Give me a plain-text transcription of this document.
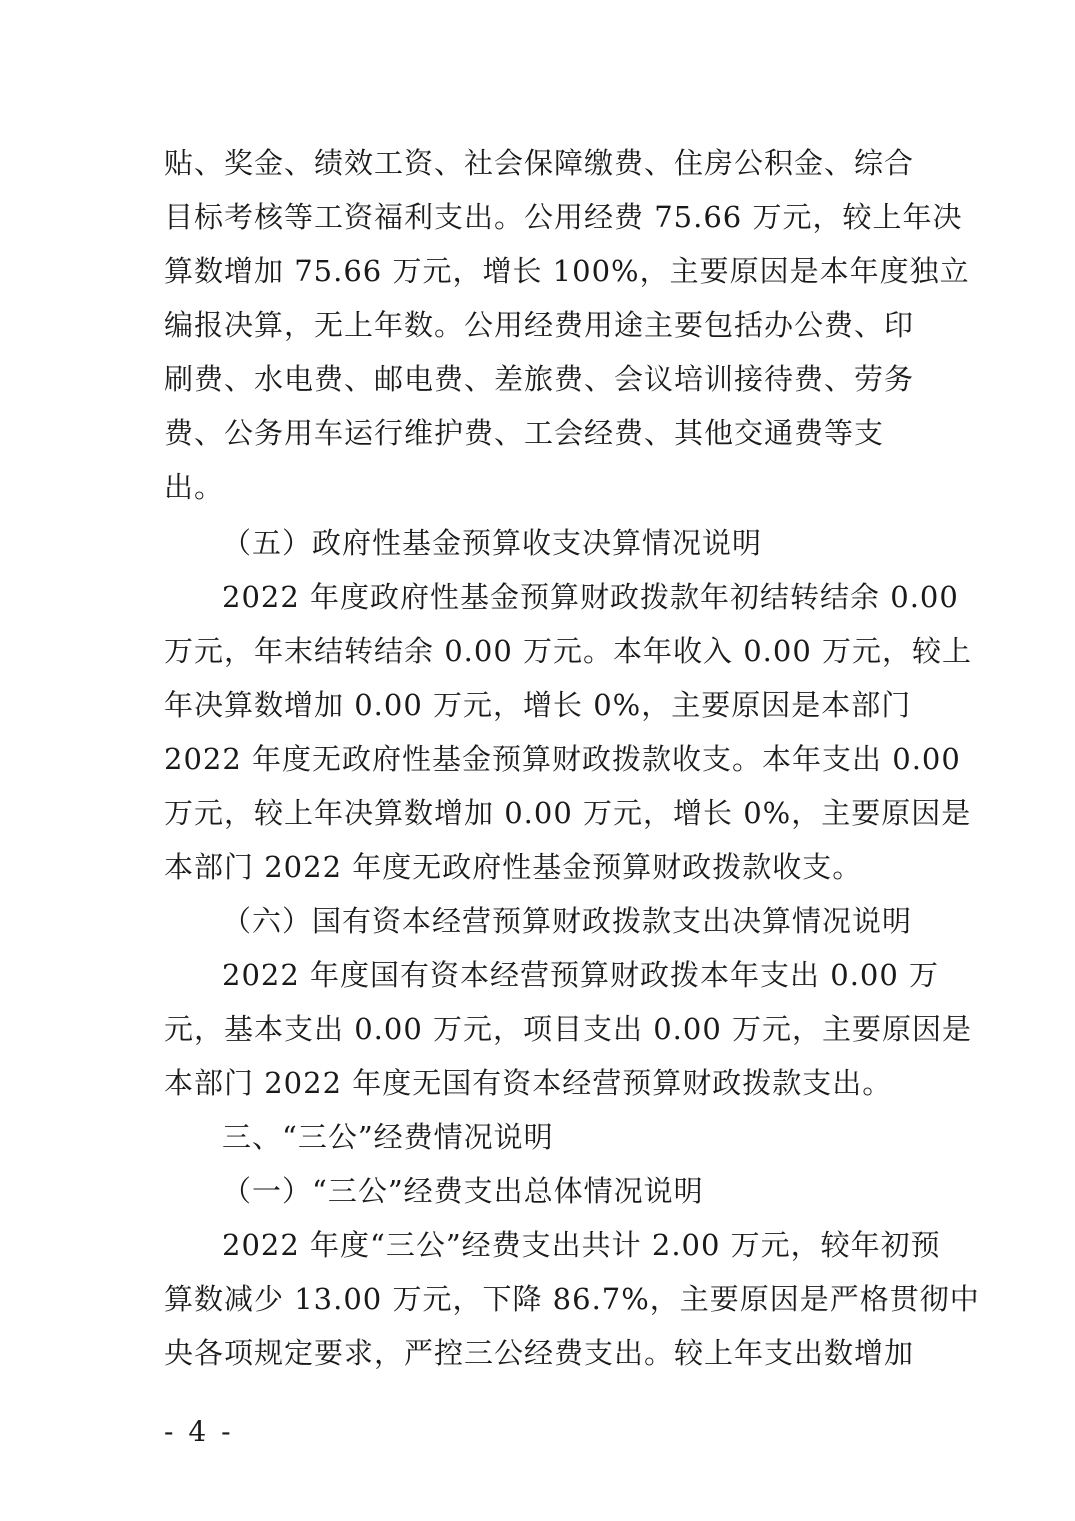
贴、奖金、绩效工资、社会保障缴费、住房公积金、综合
目标考核等工资福利支出。公用经费 75.66 万元，较上年决
算数增加 75.66 万元，增长 100%，主要原因是本年度独立
编报决算，无上年数。公用经费用途主要包括办公费、印
刷费、水电费、邮电费、差旅费、会议培训接待费、劳务
费、公务用车运行维护费、工会经费、其他交通费等支
出。
（五）政府性基金预算收支决算情况说明
2022 年度政府性基金预算财政拨款年初结转结余 0.00
万元，年末结转结余 0.00 万元。本年收入 0.00 万元，较上
年决算数增加 0.00 万元，增长 0%，主要原因是本部门
2022 年度无政府性基金预算财政拨款收支。本年支出 0.00
万元，较上年决算数增加 0.00 万元，增长 0%，主要原因是
本部门 2022 年度无政府性基金预算财政拨款收支。
（六）国有资本经营预算财政拨款支出决算情况说明
2022 年度国有资本经营预算财政拨本年支出 0.00 万
元，基本支出 0.00 万元，项目支出 0.00 万元，主要原因是
本部门 2022 年度无国有资本经营预算财政拨款支出。
三、“三公”经费情况说明
（一）“三公”经费支出总体情况说明
2022 年度“三公”经费支出共计 2.00 万元，较年初预
算数减少 13.00 万元，下降 86.7%，主要原因是严格贯彻中
央各项规定要求，严控三公经费支出。较上年支出数增加
- 4 -
